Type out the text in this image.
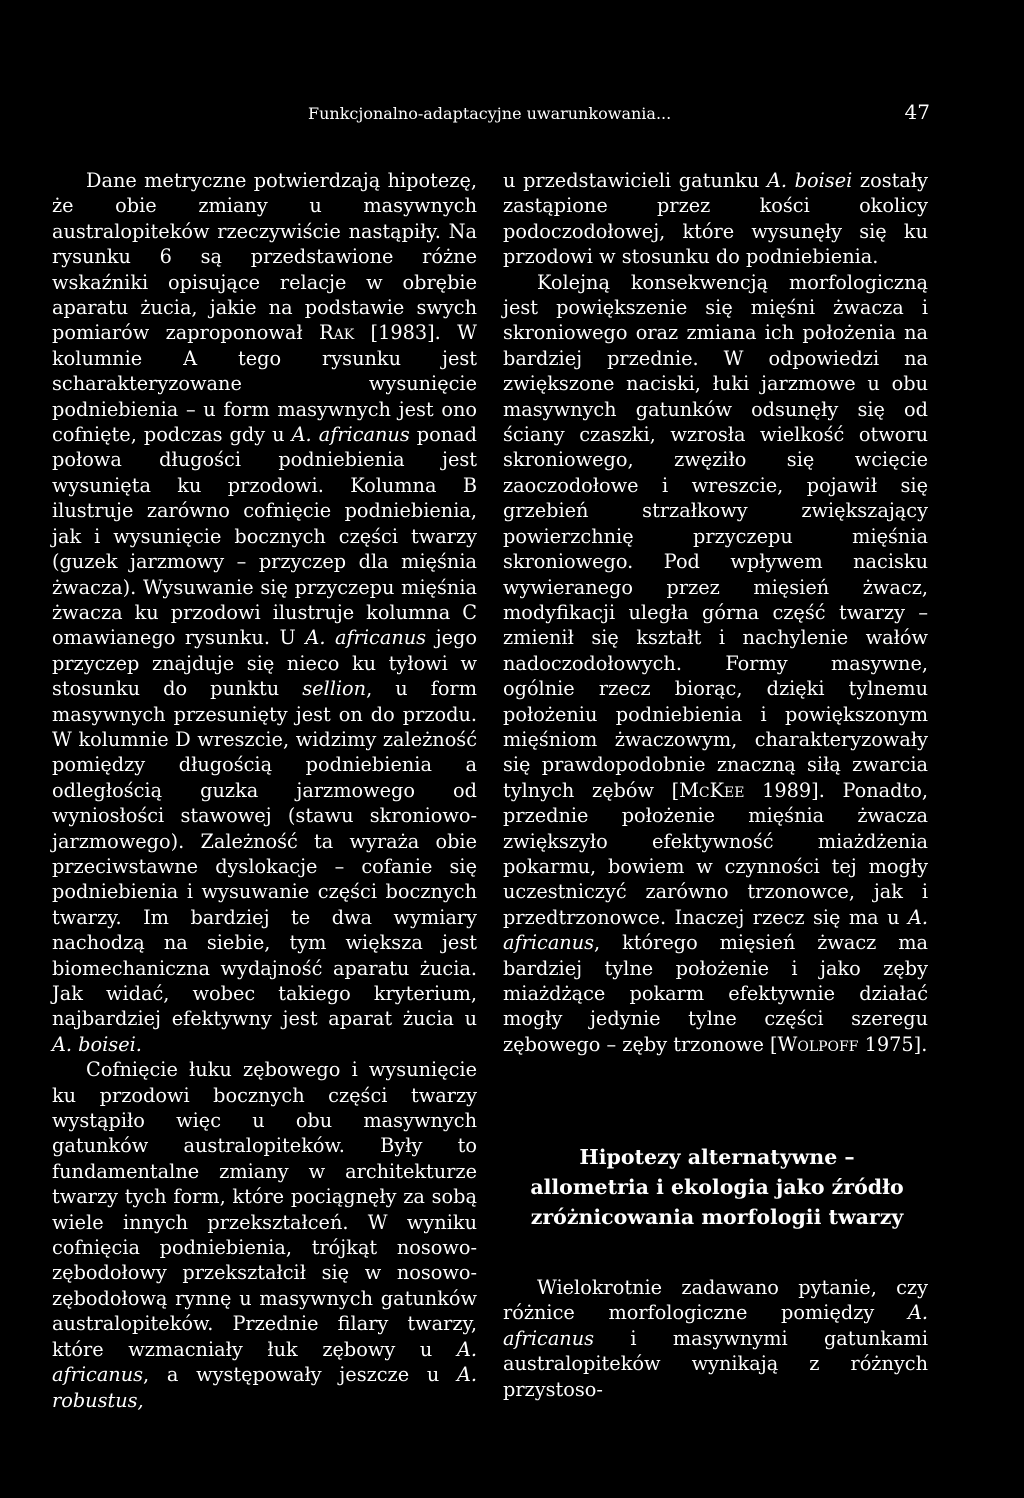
Funkcjonalno-adaptacyjne uwarunkowania...	47

Dane metryczne potwierdzają hipotezę, że obie zmiany u masywnych australopiteków rzeczywiście nastąpiły. Na rysunku 6 są przedstawione różne wskaźniki opisujące relacje w obrębie aparatu żucia, jakie na podstawie swych pomiarów zaproponował Rak [1983]. W kolumnie A tego rysunku jest scharakteryzowane wysunięcie podniebienia – u form masywnych jest ono cofnięte, podczas gdy u A. africanus ponad połowa długości podniebienia jest wysunięta ku przodowi. Kolumna B ilustruje zarówno cofnięcie podniebienia, jak i wysunięcie bocznych części twarzy (guzek jarzmowy – przyczep dla mięśnia żwacza). Wysuwanie się przyczepu mięśnia żwacza ku przodowi ilustruje kolumna C omawianego rysunku. U A. africanus jego przyczep znajduje się nieco ku tyłowi w stosunku do punktu sellion, u form masywnych przesunięty jest on do przodu. W kolumnie D wreszcie, widzimy zależność pomiędzy długością podniebienia a odległością guzka jarzmowego od wyniosłości stawowej (stawu skroniowo-jarzmowego). Zależność ta wyraża obie przeciwstawne dyslokacje – cofanie się podniebienia i wysuwanie części bocznych twarzy. Im bardziej te dwa wymiary nachodzą na siebie, tym większa jest biomechaniczna wydajność aparatu żucia. Jak widać, wobec takiego kryterium, najbardziej efektywny jest aparat żucia u A. boisei.

Cofnięcie łuku zębowego i wysunięcie ku przodowi bocznych części twarzy wystąpiło więc u obu masywnych gatunków australopiteków. Były to fundamentalne zmiany w architekturze twarzy tych form, które pociągnęły za sobą wiele innych przekształceń. W wyniku cofnięcia podniebienia, trójkąt nosowo-zębodołowy przekształcił się w nosowo-zębodołową rynnę u masywnych gatunków australopiteków. Przednie filary twarzy, które wzmacniały łuk zębowy u A. africanus, a występowały jeszcze u A. robustus,

u przedstawicieli gatunku A. boisei zostały zastąpione przez kości okolicy podoczodołowej, które wysunęły się ku przodowi w stosunku do podniebienia.

Kolejną konsekwencją morfologiczną jest powiększenie się mięśni żwacza i skroniowego oraz zmiana ich położenia na bardziej przednie. W odpowiedzi na zwiększone naciski, łuki jarzmowe u obu masywnych gatunków odsunęły się od ściany czaszki, wzrosła wielkość otworu skroniowego, zwęziło się wcięcie zaoczodołowe i wreszcie, pojawił się grzebień strzałkowy zwiększający powierzchnię przyczepu mięśnia skroniowego. Pod wpływem nacisku wywieranego przez mięsień żwacz, modyfikacji uległa górna część twarzy – zmienił się kształt i nachylenie wałów nadoczodołowych. Formy masywne, ogólnie rzecz biorąc, dzięki tylnemu położeniu podniebienia i powiększonym mięśniom żwaczowym, charakteryzowały się prawdopodobnie znaczną siłą zwarcia tylnych zębów [McKee 1989]. Ponadto, przednie położenie mięśnia żwacza zwiększyło efektywność miażdżenia pokarmu, bowiem w czynności tej mogły uczestniczyć zarówno trzonowce, jak i przedtrzonowce. Inaczej rzecz się ma u A. africanus, którego mięsień żwacz ma bardziej tylne położenie i jako zęby miażdżące pokarm efektywnie działać mogły jedynie tylne części szeregu zębowego – zęby trzonowe [Wolpoff 1975].

Hipotezy alternatywne –
allometria i ekologia jako źródło
zróżnicowania morfologii twarzy

Wielokrotnie zadawano pytanie, czy różnice morfologiczne pomiędzy A. africanus i masywnymi gatunkami australopiteków wynikają z różnych przystoso-
